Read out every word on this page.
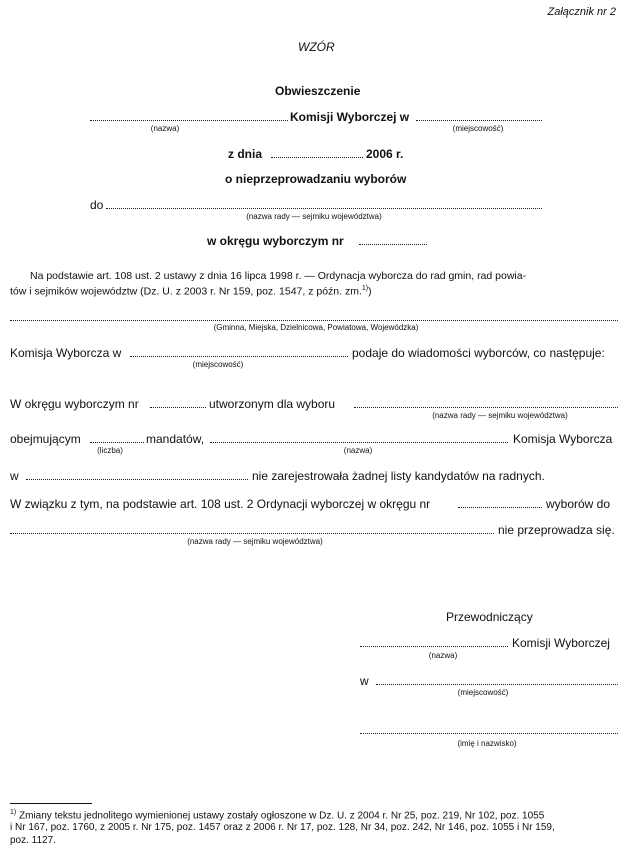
Załącznik nr 2
WZÓR
Obwieszczenie
Komisji Wyborczej w
(nazwa)	(miejscowość)
z dnia	2006 r.
o nieprzeprowadzaniu wyborów
do
(nazwa rady — sejmiku województwa)
w okręgu wyborczym nr
Na podstawie art. 108 ust. 2 ustawy z dnia 16 lipca 1998 r. — Ordynacja wyborcza do rad gmin, rad powia-
tów i sejmików województw (Dz. U. z 2003 r. Nr 159, poz. 1547, z późn. zm.$^{1)}$)
(Gminna, Miejska, Dzielnicowa, Powiatowa, Wojewódzka)
Komisja Wyborcza w	podaje do wiadomości wyborców, co następuje:
(miejscowość)
W okręgu wyborczym nr	utworzonym dla wyboru
(nazwa rady — sejmiku województwa)
obejmującym	mandatów,	Komisja Wyborcza
(liczba)	(nazwa)
w	nie zarejestrowała żadnej listy kandydatów na radnych.
W związku z tym, na podstawie art. 108 ust. 2 Ordynacji wyborczej w okręgu nr	wyborów do
nie przeprowadza się.
(nazwa rady — sejmiku województwa)
Przewodniczący
Komisji Wyborczej
(nazwa)
w
(miejscowość)
(imię i nazwisko)
$^{1)}$ Zmiany tekstu jednolitego wymienionej ustawy zostały ogłoszone w Dz. U. z 2004 r. Nr 25, poz. 219, Nr 102, poz. 1055
i Nr 167, poz. 1760, z 2005 r. Nr 175, poz. 1457 oraz z 2006 r. Nr 17, poz. 128, Nr 34, poz. 242, Nr 146, poz. 1055 i Nr 159,
poz. 1127.
